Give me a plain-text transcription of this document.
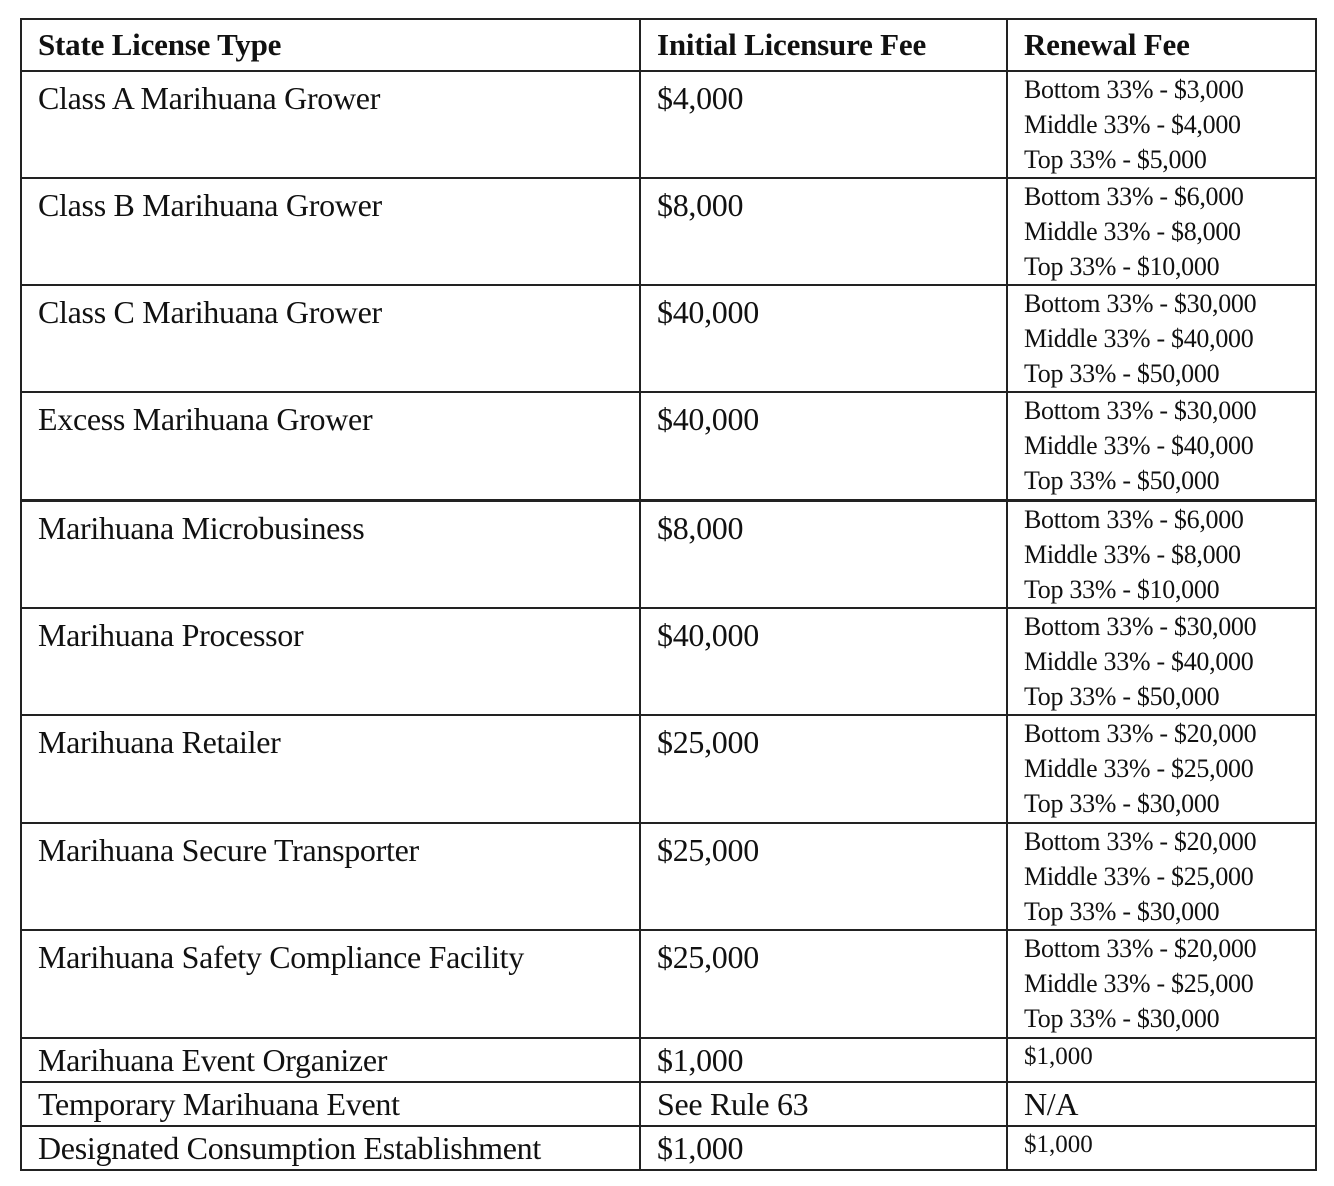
State License Type	Initial Licensure Fee	Renewal Fee
Class A Marihuana Grower	$4,000	Bottom 33% - $3,000
Middle 33% - $4,000
Top 33% - $5,000

Class B Marihuana Grower	$8,000	Bottom 33% - $6,000
Middle 33% - $8,000
Top 33% - $10,000

Class C Marihuana Grower	$40,000	Bottom 33% - $30,000
Middle 33% - $40,000
Top 33% - $50,000

Excess Marihuana Grower	$40,000	Bottom 33% - $30,000
Middle 33% - $40,000
Top 33% - $50,000
Marihuana Microbusiness	$8,000	Bottom 33% - $6,000
Middle 33% - $8,000
Top 33% - $10,000

Marihuana Processor	$40,000	Bottom 33% - $30,000
Middle 33% - $40,000
Top 33% - $50,000

Marihuana Retailer	$25,000	Bottom 33% - $20,000
Middle 33% - $25,000
Top 33% - $30,000

Marihuana Secure Transporter	$25,000	Bottom 33% - $20,000
Middle 33% - $25,000
Top 33% - $30,000

Marihuana Safety Compliance Facility	$25,000	Bottom 33% - $20,000
Middle 33% - $25,000
Top 33% - $30,000

Marihuana Event Organizer	$1,000	$1,000
Temporary Marihuana Event	See Rule 63	N/A
Designated Consumption Establishment	$1,000	$1,000
